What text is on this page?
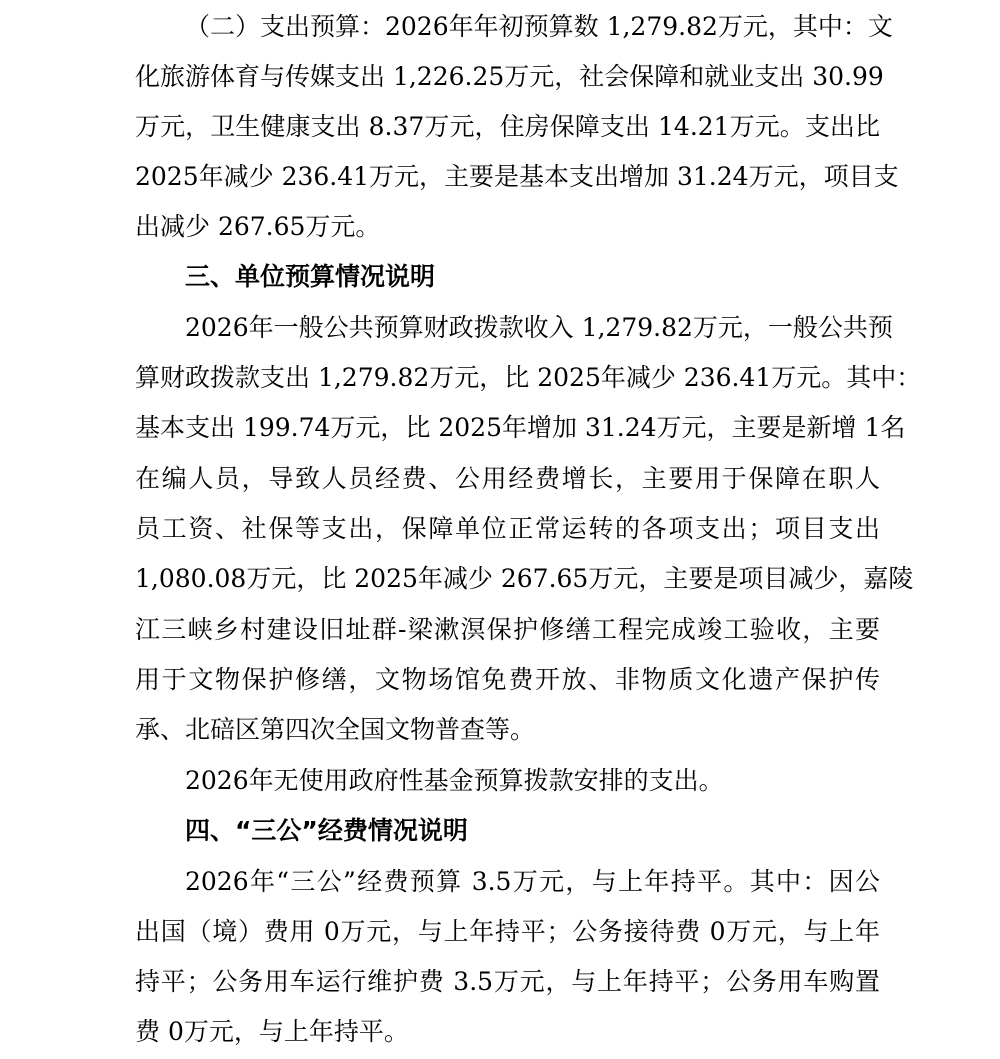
（二）支出预算：2026年年初预算数 1,279.82万元，其中：文
化旅游体育与传媒支出 1,226.25万元，社会保障和就业支出 30.99
万元，卫生健康支出 8.37万元，住房保障支出 14.21万元。支出比
2025年减少 236.41万元，主要是基本支出增加 31.24万元，项目支
出减少 267.65万元。
三、单位预算情况说明
2026年一般公共预算财政拨款收入 1,279.82万元，一般公共预
算财政拨款支出 1,279.82万元，比 2025年减少 236.41万元。其中：
基本支出 199.74万元，比 2025年增加 31.24万元，主要是新增 1名
在编人员，导致人员经费、公用经费增长，主要用于保障在职人
员工资、社保等支出，保障单位正常运转的各项支出；项目支出
1,080.08万元，比 2025年减少 267.65万元，主要是项目减少，嘉陵
江三峡乡村建设旧址群-梁漱溟保护修缮工程完成竣工验收，主要
用于文物保护修缮，文物场馆免费开放、非物质文化遗产保护传
承、北碚区第四次全国文物普查等。
2026年无使用政府性基金预算拨款安排的支出。
四、“三公”经费情况说明
2026年“三公”经费预算 3.5万元，与上年持平。其中：因公
出国（境）费用 0万元，与上年持平；公务接待费 0万元，与上年
持平；公务用车运行维护费 3.5万元，与上年持平；公务用车购置
费 0万元，与上年持平。
